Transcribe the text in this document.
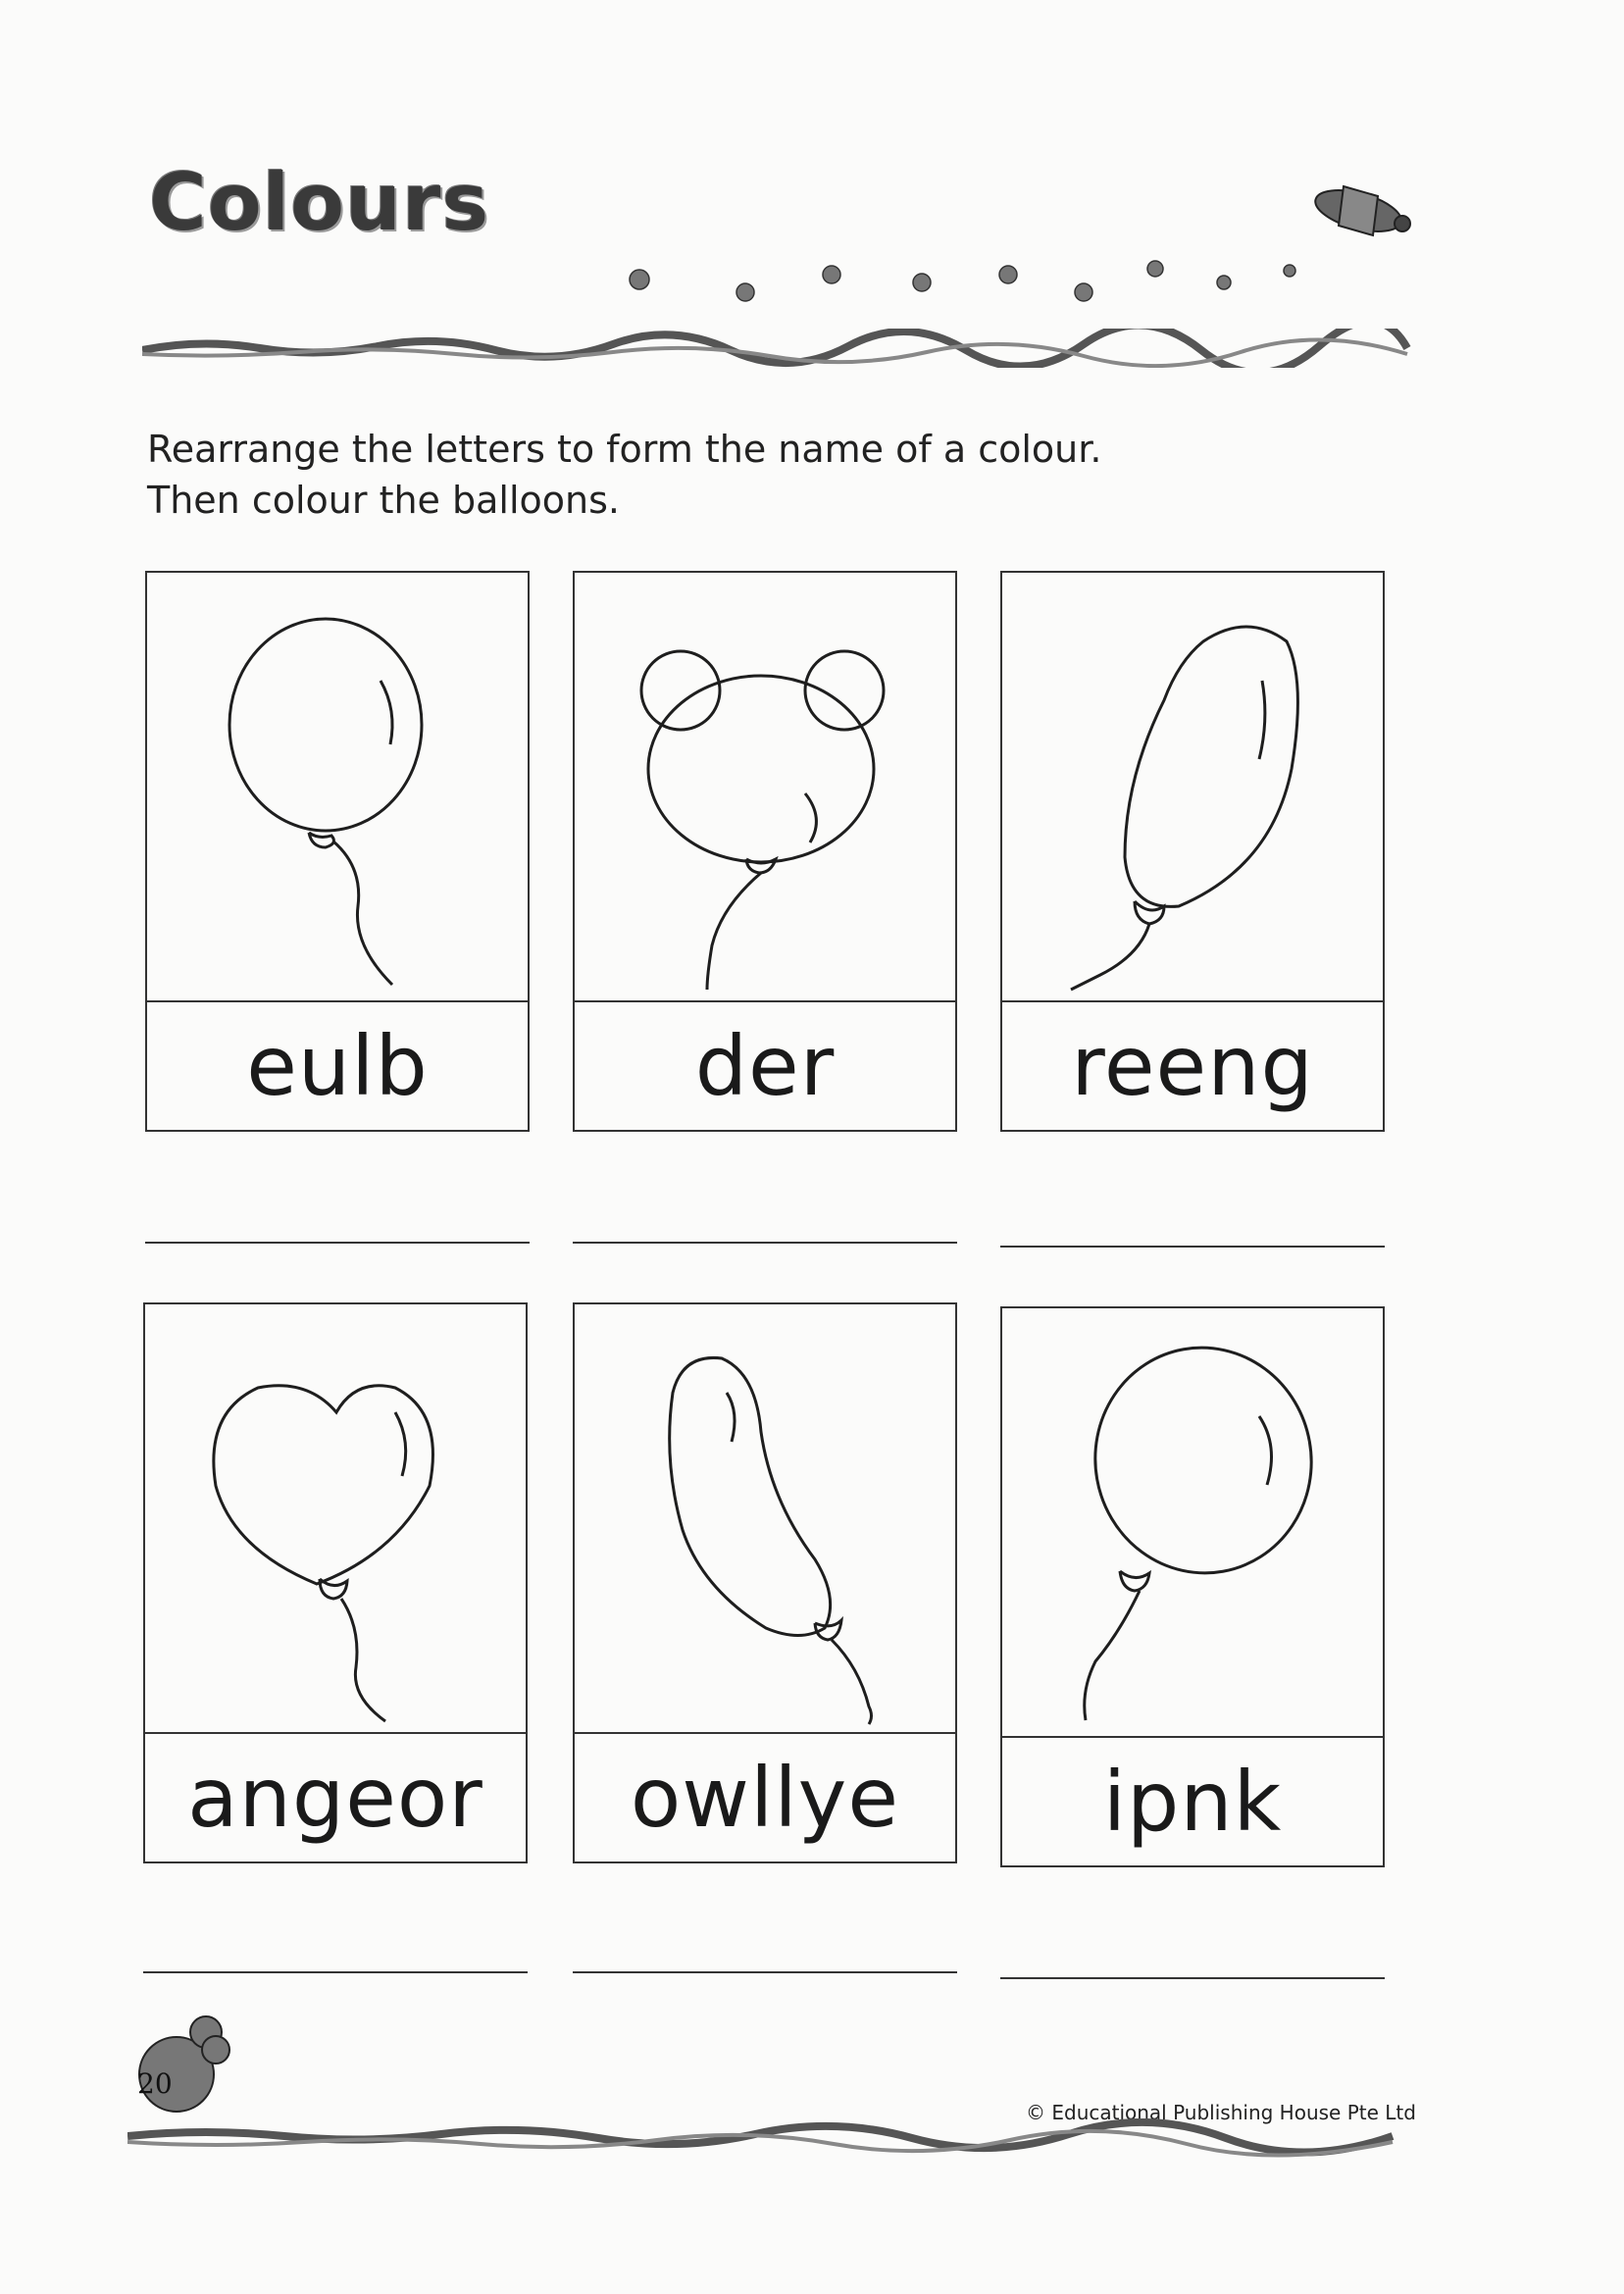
Colours
Rearrange the letters to form the name of a colour.
Then colour the balloons.
eulb	der	reeng
angeor	owllye	ipnk
20
© Educational Publishing House Pte Ltd
